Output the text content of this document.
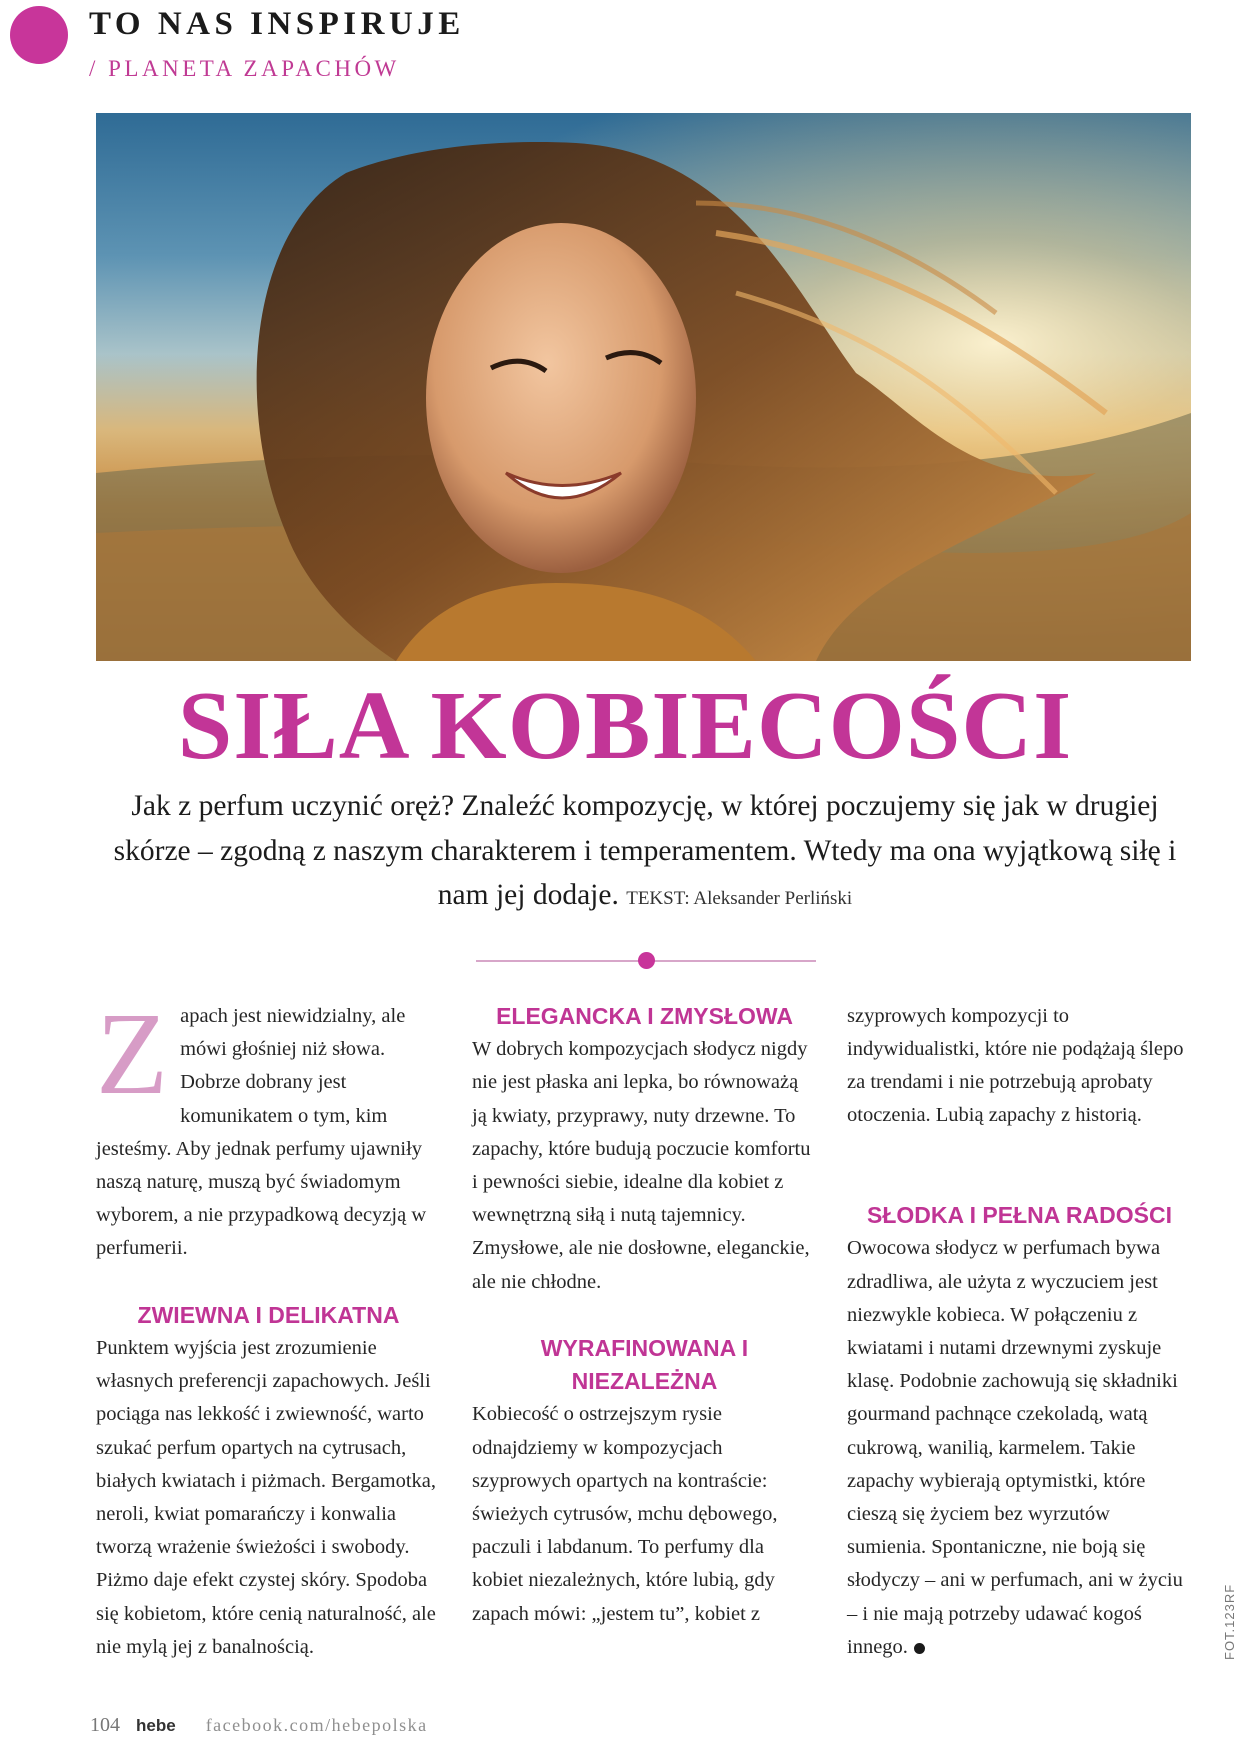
TO NAS INSPIRUJE
/ PLANETA ZAPACHÓW
SIŁA KOBIECOŚCI

Jak z perfum uczynić oręż? Znaleźć kompozycję, w której poczujemy się jak w drugiej skórze – zgodną z naszym charakterem i temperamentem. Wtedy ma ona wyjątkową siłę i nam jej dodaje. TEKST: Aleksander Perliński

Zapach jest niewidzialny, ale mówi głośniej niż słowa. Dobrze dobrany jest komunikatem o tym, kim jesteśmy. Aby jednak perfumy ujawniły naszą naturę, muszą być świadomym wyborem, a nie przypadkową decyzją w perfumerii.

ZWIEWNA I DELIKATNA

Punktem wyjścia jest zrozumienie własnych preferencji zapachowych. Jeśli pociąga nas lekkość i zwiewność, warto szukać perfum opartych na cytrusach, białych kwiatach i piżmach. Bergamotka, neroli, kwiat pomarańczy i konwalia tworzą wrażenie świeżości i swobody. Piżmo daje efekt czystej skóry. Spodoba się kobietom, które cenią naturalność, ale nie mylą jej z banalnością.

ELEGANCKA I ZMYSŁOWA

W dobrych kompozycjach słodycz nigdy nie jest płaska ani lepka, bo równoważą ją kwiaty, przyprawy, nuty drzewne. To zapachy, które budują poczucie komfortu i pewności siebie, idealne dla kobiet z wewnętrzną siłą i nutą tajemnicy. Zmysłowe, ale nie dosłowne, eleganckie, ale nie chłodne.

WYRAFINOWANA I NIEZALEŻNA

Kobiecość o ostrzejszym rysie odnajdziemy w kompozycjach szyprowych opartych na kontraście: świeżych cytrusów, mchu dębowego, paczuli i labdanum. To perfumy dla kobiet niezależnych, które lubią, gdy zapach mówi: „jestem tu”, kobiet z

szyprowych kompozycji to indywidualistki, które nie podążają ślepo za trendami i nie potrzebują aprobaty otoczenia. Lubią zapachy z historią.

SŁODKA I PEŁNA RADOŚCI

Owocowa słodycz w perfumach bywa zdradliwa, ale użyta z wyczuciem jest niezwykle kobieca. W połączeniu z kwiatami i nutami drzewnymi zyskuje klasę. Podobnie zachowują się składniki gourmand pachnące czekoladą, watą cukrową, wanilią, karmelem. Takie zapachy wybierają optymistki, które cieszą się życiem bez wyrzutów sumienia. Spontaniczne, nie boją się słodyczy – ani w perfumach, ani w życiu – i nie mają potrzeby udawać kogoś innego.	FOT.123RF
104 hebe facebook.com/hebepolska
